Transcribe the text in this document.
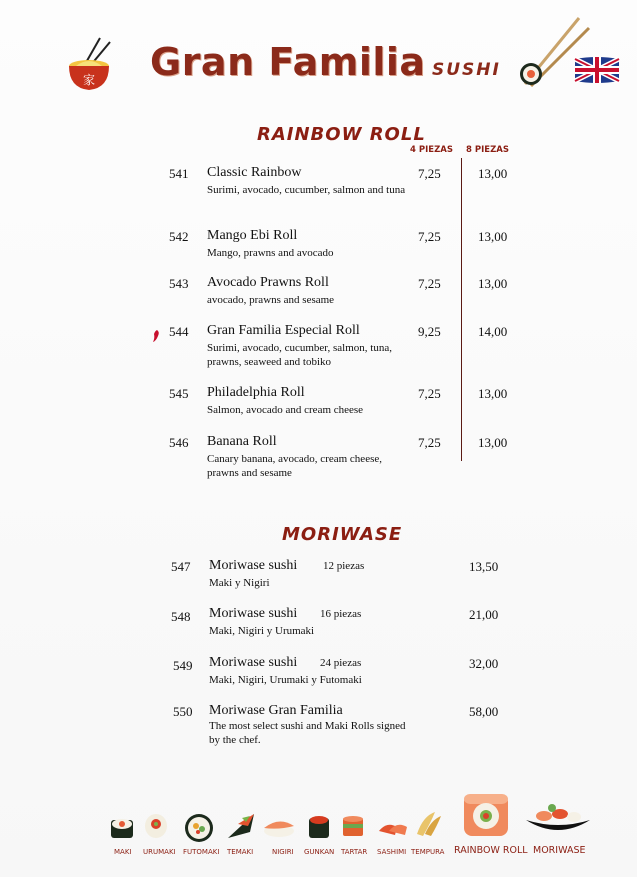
家 Gran Familia SUSHI
RAINBOW ROLL
4 PIEZAS 8 PIEZAS
541 Classic Rainbow
Surimi, avocado, cucumber, salmon and tuna
7,25	13,00
542 Mango Ebi Roll
Mango, prawns and avocado
7,25	13,00
543 Avocado Prawns Roll
avocado, prawns and sesame
7,25	13,00
544 Gran Familia Especial Roll
Surimi, avocado, cucumber, salmon, tuna, prawns, seaweed and tobiko
9,25	14,00
545 Philadelphia Roll
Salmon, avocado and cream cheese
7,25	13,00
546 Banana Roll
Canary banana, avocado, cream cheese, prawns and sesame
7,25	13,00
MORIWASE
547 Moriwase sushi 12 piezas
Maki y Nigiri
13,50
548 Moriwase sushi 16 piezas
Maki, Nigiri y Urumaki
21,00
549 Moriwase sushi 24 piezas
Maki, Nigiri, Urumaki y Futomaki
32,00
550 Moriwase Gran Familia
The most select sushi and Maki Rolls signed by the chef.
58,00
MAKI URUMAKI FUTOMAKI TEMAKI	NIGIRI GUNKAN TARTAR SASHIMI TEMPURA RAINBOW ROLL MORIWASE
